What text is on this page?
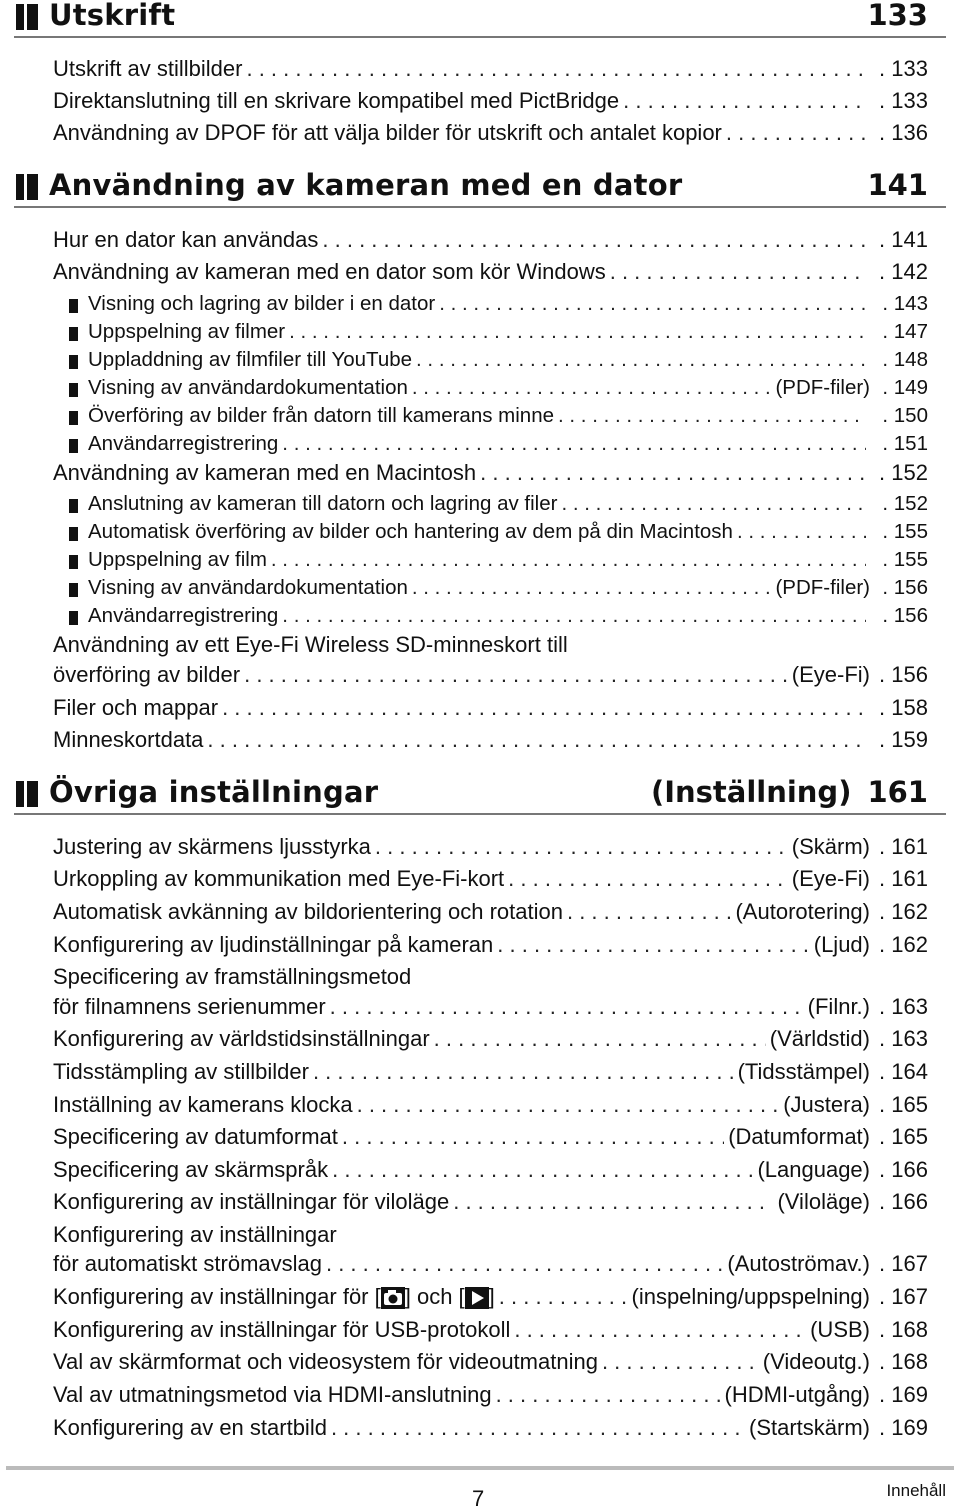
Utskrift	133
Utskrift av stillbilder . . .	. 133
Direktanslutning till en skrivare kompatibel med PictBridge . . .	. 133
Användning av DPOF för att välja bilder för utskrift och antalet kopior . . .	. 136
Användning av kameran med en dator	141
Hur en dator kan användas . . .	. 141
Användning av kameran med en dator som kör Windows . . .	. 142
Visning och lagring av bilder i en dator . . .	. 143
Uppspelning av filmer . . .	. 147
Uppladdning av filmfiler till YouTube . . .	. 148
Visning av användardokumentation . . .	(PDF-filer)	. 149
Överföring av bilder från datorn till kamerans minne . . .	. 150
Användarregistrering . . .	. 151
Användning av kameran med en Macintosh . . .	. 152
Anslutning av kameran till datorn och lagring av filer . . .	. 152
Automatisk överföring av bilder och hantering av dem på din Macintosh . . .	. 155
Uppspelning av film . . .	. 155
Visning av användardokumentation . . .	(PDF-filer)	. 156
Användarregistrering . . .	. 156
Användning av ett Eye-Fi Wireless SD-minneskort till
överföring av bilder . . .	(Eye-Fi) . 156
Filer och mappar . . .	. 158
Minneskortdata . . .	. 159
Övriga inställningar	(Inställning) 161
Justering av skärmens ljusstyrka . . .	(Skärm) . 161
Urkoppling av kommunikation med Eye-Fi-kort . . .	(Eye-Fi) . 161
Automatisk avkänning av bildorientering och rotation . . .	(Autorotering) . 162
Konfigurering av ljudinställningar på kameran . . .	(Ljud) . 162
Specificering av framställningsmetod
för filnamnens serienummer . . .	(Filnr.) . 163
Konfigurering av världstidsinställningar . . .	(Världstid) . 163
Tidsstämpling av stillbilder . . .	(Tidsstämpel) . 164
Inställning av kamerans klocka . . .	(Justera) . 165
Specificering av datumformat . . .	(Datumformat) . 165
Specificering av skärmspråk . . .	(Language) . 166
Konfigurering av inställningar för viloläge . . .	(Viloläge) . 166
Konfigurering av inställningar
för automatiskt strömavslag . . .	(Autoströmav.) . 167
Konfigurering av inställningar för [ ] och [ ] . . .	(inspelning/uppspelning) . 167
Konfigurering av inställningar för USB-protokoll . . .	(USB) . 168
Val av skärmformat och videosystem för videoutmatning . . .	(Videoutg.) . 168
Val av utmatningsmetod via HDMI-anslutning . . .	(HDMI-utgång) . 169
Konfigurering av en startbild . . .	(Startskärm) . 169
7	Innehåll
